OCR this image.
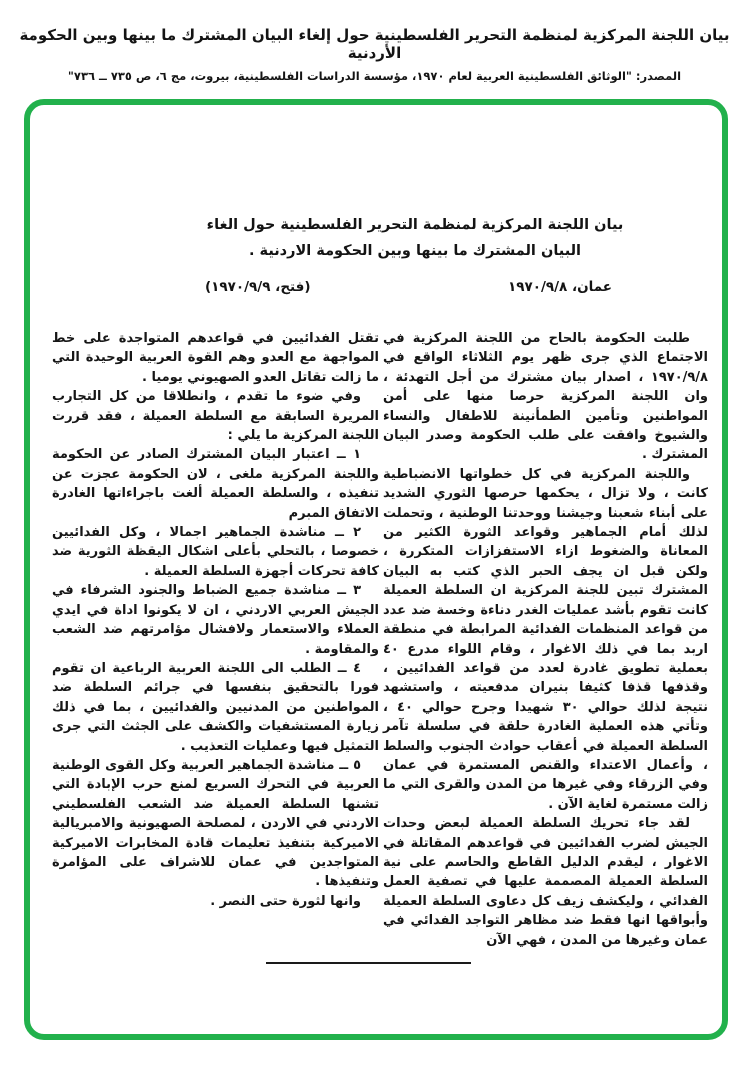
بيان اللجنة المركزية لمنظمة التحرير الفلسطينية حول إلغاء البيان المشترك ما بينها وبين الحكومة الأردنية
المصدر: "الوثائق الفلسطينية العربية لعام ١٩٧٠، مؤسسة الدراسات الفلسطينية، بيروت، مج ٦، ص ٧٣٥ ــ ٧٣٦"
بيان اللجنة المركزية لمنظمة التحرير الفلسطينية حول الغاء
البيان المشترك ما بينها وبين الحكومة الاردنية .
عمان، ١٩٧٠/٩/٨
(فتح، ١٩٧٠/٩/٩)

طلبت الحكومة بالحاح من اللجنة المركزية في الاجتماع الذي جرى ظهر يوم الثلاثاء الواقع في ١٩٧٠/٩/٨ ، اصدار بيان مشترك من أجل التهدئة ، وان اللجنة المركزية حرصا منها على أمن المواطنين وتأمين الطمأنينة للاطفال والنساء والشيوخ وافقت على طلب الحكومة وصدر البيان المشترك .

واللجنة المركزية في كل خطواتها الانضباطية كانت ، ولا تزال ، يحكمها حرصها الثوري الشديد على أبناء شعبنا وجيشنا ووحدتنا الوطنية ، وتحملت لذلك أمام الجماهير وقواعد الثورة الكثير من المعاناة والضغوط ازاء الاستفزازات المتكررة ، ولكن قبل ان يجف الحبر الذي كتب به البيان المشترك تبين للجنة المركزية ان السلطة العميلة كانت تقوم بأشد عمليات الغدر دناءة وخسة ضد عدد من قواعد المنظمات الفدائية المرابطة في منطقة اربد بما في ذلك الاغوار ، وقام اللواء مدرع ٤٠ بعملية تطويق غادرة لعدد من قواعد الفدائيين ، وقذفها قذفا كثيفا بنيران مدفعيته ، واستشهد نتيجة لذلك حوالي ٣٠ شهيدا وجرح حوالي ٤٠ ، وتأتي هذه العملية الغادرة حلقة في سلسلة تآمر السلطة العميلة في أعقاب حوادث الجنوب والسلط ، وأعمال الاعتداء والقنص المستمرة في عمان وفي الزرقاء وفي غيرها من المدن والقرى التي ما زالت مستمرة لغاية الآن .

لقد جاء تحريك السلطة العميلة لبعض وحدات الجيش لضرب الفدائيين في قواعدهم المقاتلة في الاغوار ، ليقدم الدليل القاطع والحاسم على نية السلطة العميلة المصممة عليها في تصفية العمل الفدائي ، وليكشف زيف كل دعاوى السلطة العميلة وأبواقها انها فقط ضد مظاهر التواجد الفدائي في عمان وغيرها من المدن ، فهي الآن

تقتل الفدائيين في قواعدهم المتواجدة على خط المواجهة مع العدو وهم القوة العربية الوحيدة التي ما زالت تقاتل العدو الصهيوني يوميا .

وفي ضوء ما تقدم ، وانطلاقا من كل التجارب المريرة السابقة مع السلطة العميلة ، فقد قررت اللجنة المركزية ما يلي :

١ ــ اعتبار البيان المشترك الصادر عن الحكومة واللجنة المركزية ملغى ، لان الحكومة عجزت عن تنفيذه ، والسلطة العميلة ألغت باجراءاتها الغادرة الاتفاق المبرم

٢ ــ مناشدة الجماهير اجمالا ، وكل الفدائيين خصوصا ، بالتحلي بأعلى اشكال اليقظة الثورية ضد كافة تحركات أجهزة السلطة العميلة .

٣ ــ مناشدة جميع الضباط والجنود الشرفاء في الجيش العربي الاردني ، ان لا يكونوا اداة في ايدي العملاء والاستعمار ولافشال مؤامرتهم ضد الشعب والمقاومة .

٤ ــ الطلب الى اللجنة العربية الرباعية ان تقوم فورا بالتحقيق بنفسها في جرائم السلطة ضد المواطنين من المدنيين والفدائيين ، بما في ذلك زيارة المستشفيات والكشف على الجثث التي جرى التمثيل فيها وعمليات التعذيب .

٥ ــ مناشدة الجماهير العربية وكل القوى الوطنية العربية في التحرك السريع لمنع حرب الإبادة التي تشنها السلطة العميلة ضد الشعب الفلسطيني الاردني في الاردن ، لمصلحة الصهيونية والامبريالية الاميركية بتنفيذ تعليمات قادة المخابرات الاميركية المتواجدين في عمان للاشراف على المؤامرة وتنفيذها .

وانها لثورة حتى النصر .
